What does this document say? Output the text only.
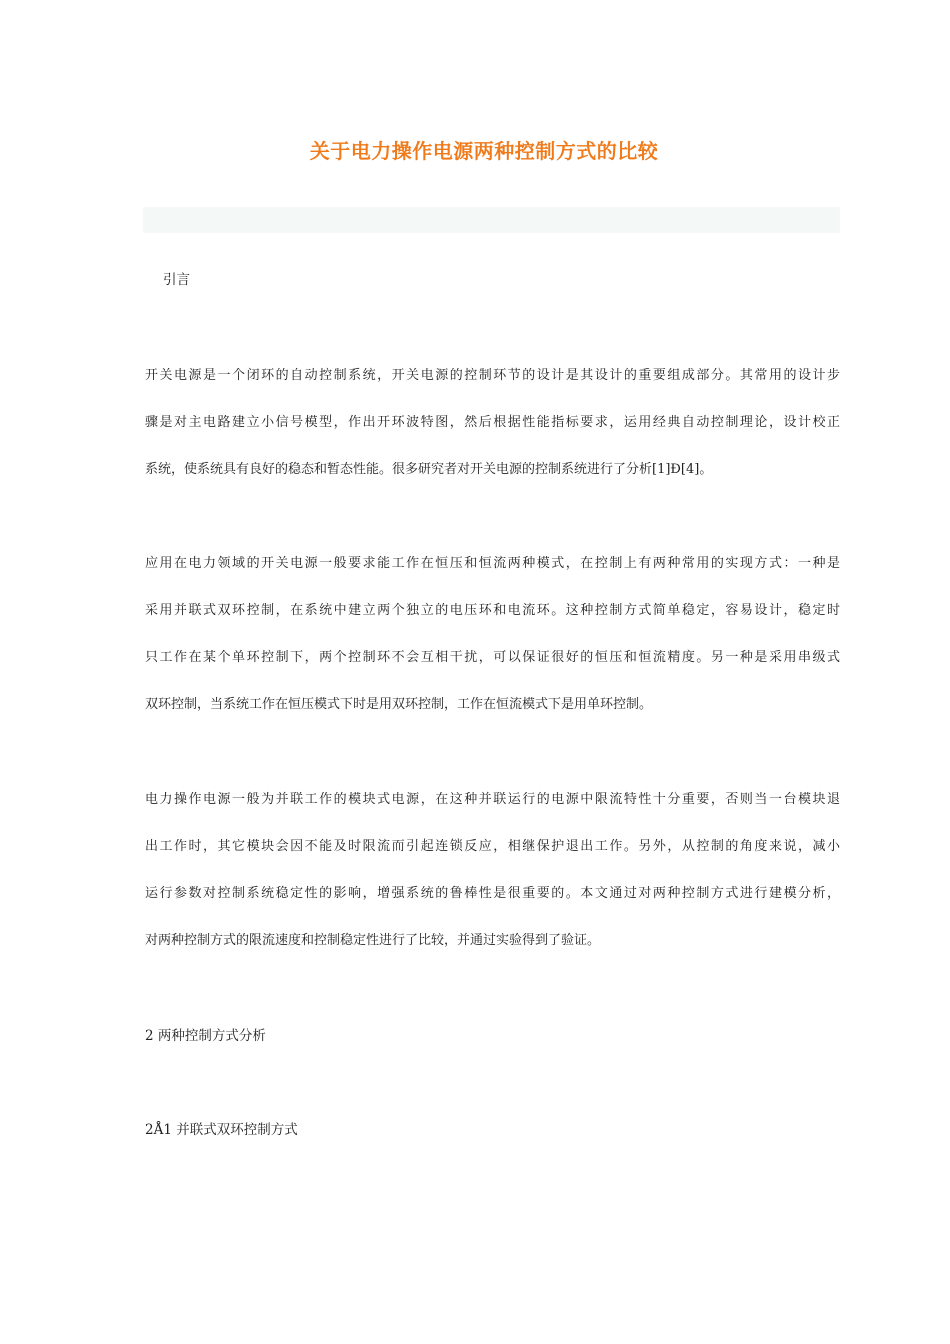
关于电力操作电源两种控制方式的比较
引言
开关电源是一个闭环的自动控制系统，开关电源的控制环节的设计是其设计的重要组成部分。其常用的设计步
骤是对主电路建立小信号模型，作出开环波特图，然后根据性能指标要求，运用经典自动控制理论，设计校正
系统，使系统具有良好的稳态和暂态性能。很多研究者对开关电源的控制系统进行了分析[1]Ð[4]。
应用在电力领域的开关电源一般要求能工作在恒压和恒流两种模式，在控制上有两种常用的实现方式：一种是
采用并联式双环控制，在系统中建立两个独立的电压环和电流环。这种控制方式简单稳定，容易设计，稳定时
只工作在某个单环控制下，两个控制环不会互相干扰，可以保证很好的恒压和恒流精度。另一种是采用串级式
双环控制，当系统工作在恒压模式下时是用双环控制，工作在恒流模式下是用单环控制。
电力操作电源一般为并联工作的模块式电源，在这种并联运行的电源中限流特性十分重要，否则当一台模块退
出工作时，其它模块会因不能及时限流而引起连锁反应，相继保护退出工作。另外，从控制的角度来说，减小
运行参数对控制系统稳定性的影响，增强系统的鲁棒性是很重要的。本文通过对两种控制方式进行建模分析，
对两种控制方式的限流速度和控制稳定性进行了比较，并通过实验得到了验证。
2 两种控制方式分析
2Å1 并联式双环控制方式
